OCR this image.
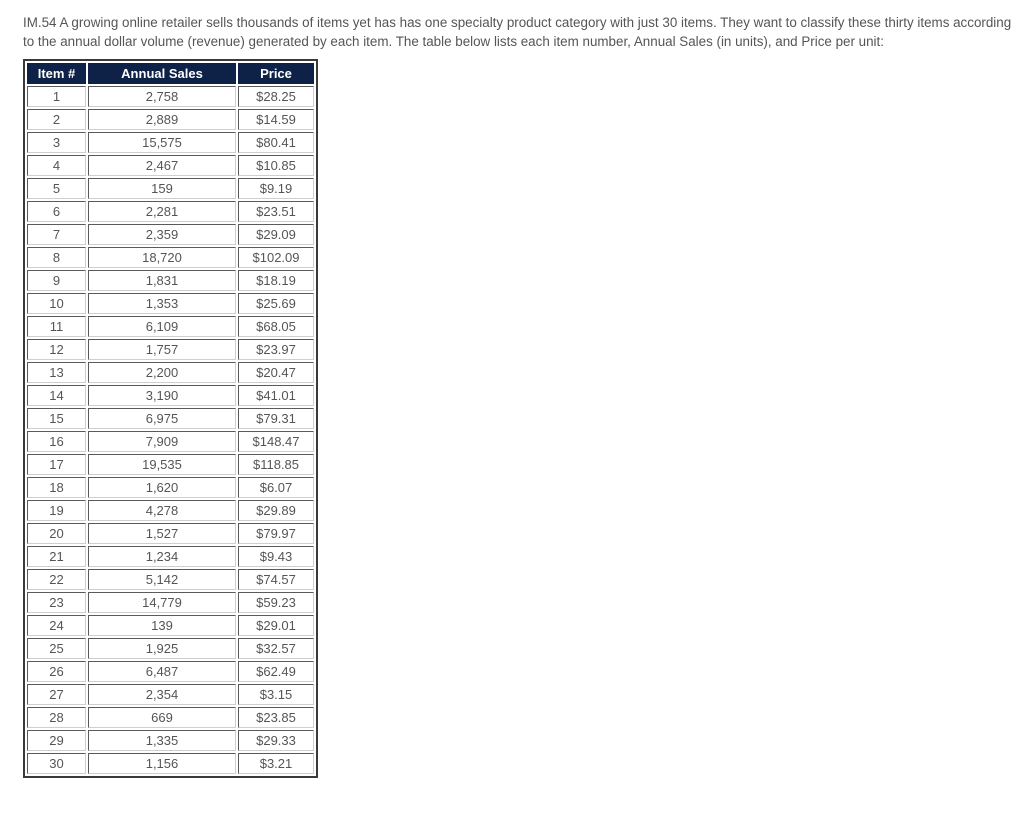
IM.54 A growing online retailer sells thousands of items yet has has one specialty product category with just 30 items. They want to classify these thirty items according to the annual dollar volume (revenue) generated by each item. The table below lists each item number, Annual Sales (in units), and Price per unit:

Item #	Annual Sales	Price
1	2,758	$28.25
2	2,889	$14.59
3	15,575	$80.41
4	2,467	$10.85
5	159	$9.19
6	2,281	$23.51
7	2,359	$29.09
8	18,720	$102.09
9	1,831	$18.19
10	1,353	$25.69
11	6,109	$68.05
12	1,757	$23.97
13	2,200	$20.47
14	3,190	$41.01
15	6,975	$79.31
16	7,909	$148.47
17	19,535	$118.85
18	1,620	$6.07
19	4,278	$29.89
20	1,527	$79.97
21	1,234	$9.43
22	5,142	$74.57
23	14,779	$59.23
24	139	$29.01
25	1,925	$32.57
26	6,487	$62.49
27	2,354	$3.15
28	669	$23.85
29	1,335	$29.33
30	1,156	$3.21
